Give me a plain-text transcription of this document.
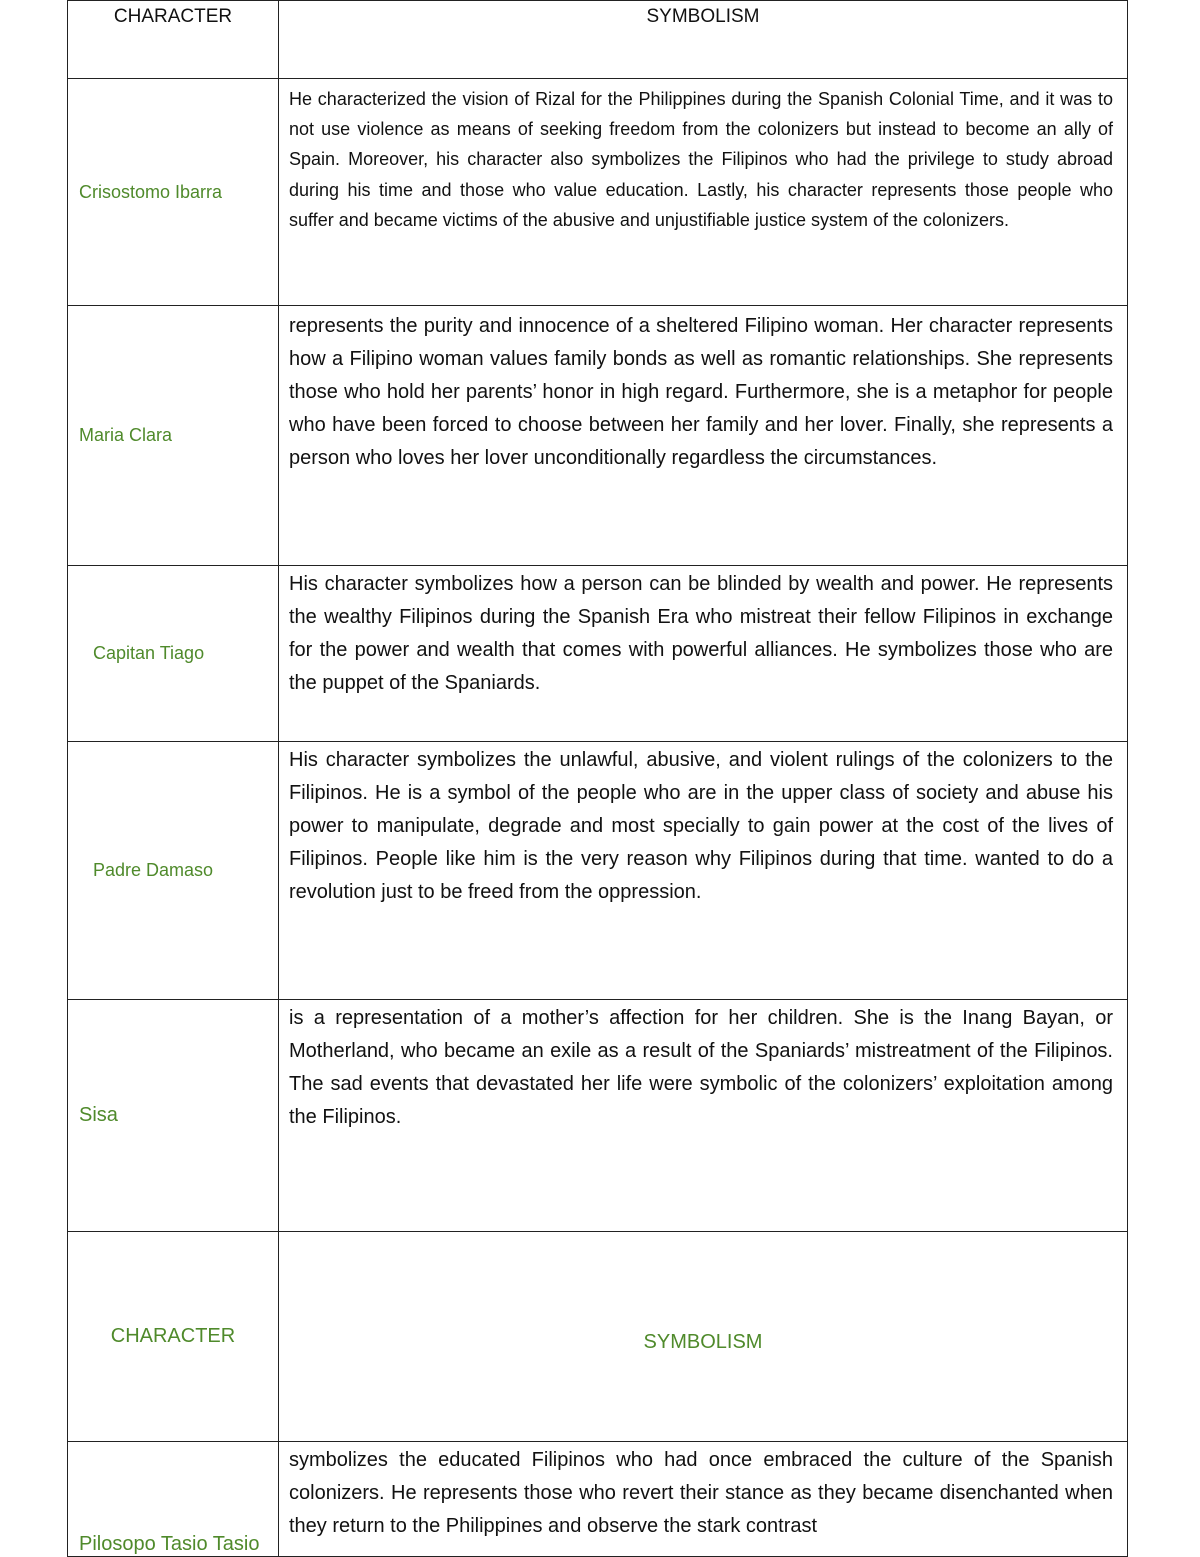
CHARACTER	SYMBOLISM
Crisostomo Ibarra	He characterized the vision of Rizal for the Philippines during the Spanish Colonial Time, and it was to not use violence as means of seeking freedom from the colonizers but instead to become an ally of Spain. Moreover, his character also symbolizes the Filipinos who had the privilege to study abroad during his time and those who value education. Lastly, his character represents those people who suffer and became victims of the abusive and unjustifiable justice system of the colonizers.
Maria Clara	represents the purity and innocence of a sheltered Filipino woman. Her character represents how a Filipino woman values family bonds as well as romantic relationships. She represents those who hold her parents’ honor in high regard. Furthermore, she is a metaphor for people who have been forced to choose between her family and her lover. Finally, she represents a person who loves her lover unconditionally regardless the circumstances.
Capitan Tiago	His character symbolizes how a person can be blinded by wealth and power. He represents the wealthy Filipinos during the Spanish Era who mistreat their fellow Filipinos in exchange for the power and wealth that comes with powerful alliances. He symbolizes those who are the puppet of the Spaniards.
Padre Damaso	His character symbolizes the unlawful, abusive, and violent rulings of the colonizers to the Filipinos. He is a symbol of the people who are in the upper class of society and abuse his power to manipulate, degrade and most specially to gain power at the cost of the lives of Filipinos. People like him is the very reason why Filipinos during that time. wanted to do a revolution just to be freed from the oppression.
Sisa	is a representation of a mother’s affection for her children. She is the Inang Bayan, or Motherland, who became an exile as a result of the Spaniards’ mistreatment of the Filipinos. The sad events that devastated her life were symbolic of the colonizers’ exploitation among the Filipinos.
CHARACTER	SYMBOLISM
Pilosopo Tasio Tasio	symbolizes the educated Filipinos who had once embraced the culture of the Spanish colonizers. He represents those who revert their stance as they became disenchanted when they return to the Philippines and observe the stark contrast
